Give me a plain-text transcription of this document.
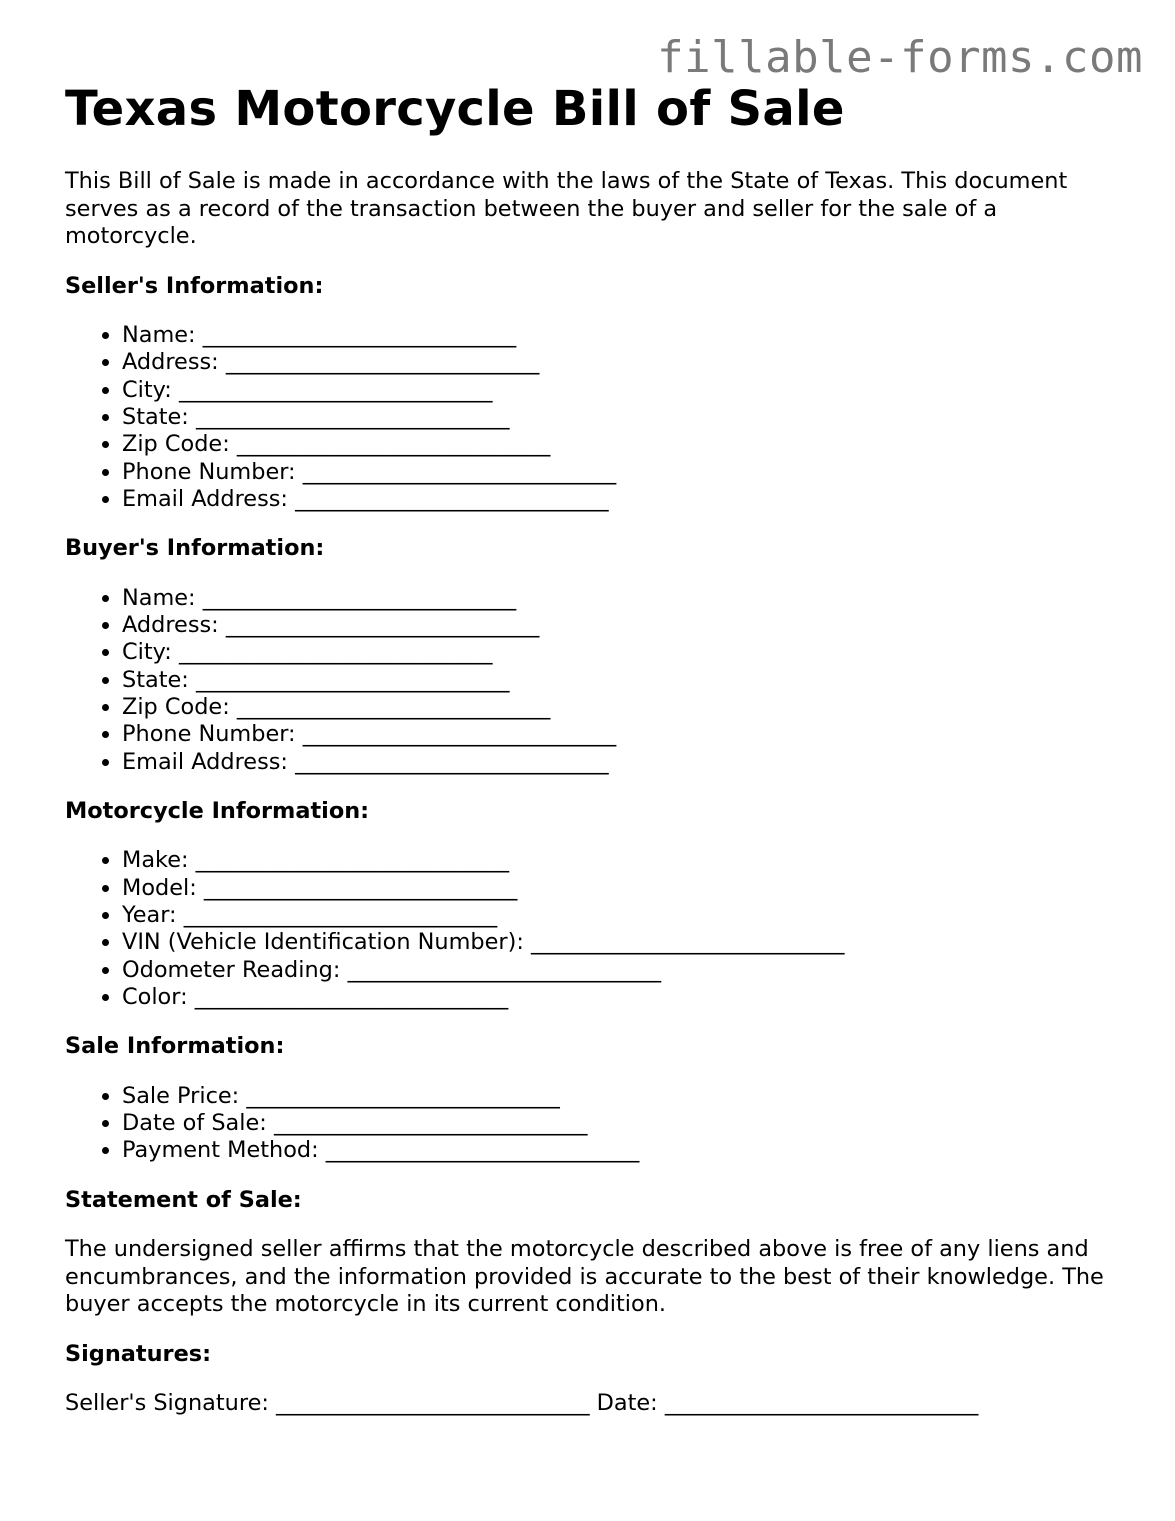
fillable-forms.com
Texas Motorcycle Bill of Sale

This Bill of Sale is made in accordance with the laws of the State of Texas. This document serves as a record of the transaction between the buyer and seller for the sale of a motorcycle.

Seller's Information:
• Name: ____________________________
• Address: ____________________________
• City: ____________________________
• State: ____________________________
• Zip Code: ____________________________
• Phone Number: ____________________________
• Email Address: ____________________________
Buyer's Information:
• Name: ____________________________
• Address: ____________________________
• City: ____________________________
• State: ____________________________
• Zip Code: ____________________________
• Phone Number: ____________________________
• Email Address: ____________________________
Motorcycle Information:
• Make: ____________________________
• Model: ____________________________
• Year: ____________________________
• VIN (Vehicle Identification Number): ____________________________
• Odometer Reading: ____________________________
• Color: ____________________________
Sale Information:
• Sale Price: ____________________________
• Date of Sale: ____________________________
• Payment Method: ____________________________
Statement of Sale:

The undersigned seller affirms that the motorcycle described above is free of any liens and encumbrances, and the information provided is accurate to the best of their knowledge. The buyer accepts the motorcycle in its current condition.

Signatures:
Seller's Signature: ____________________________ Date: ____________________________
